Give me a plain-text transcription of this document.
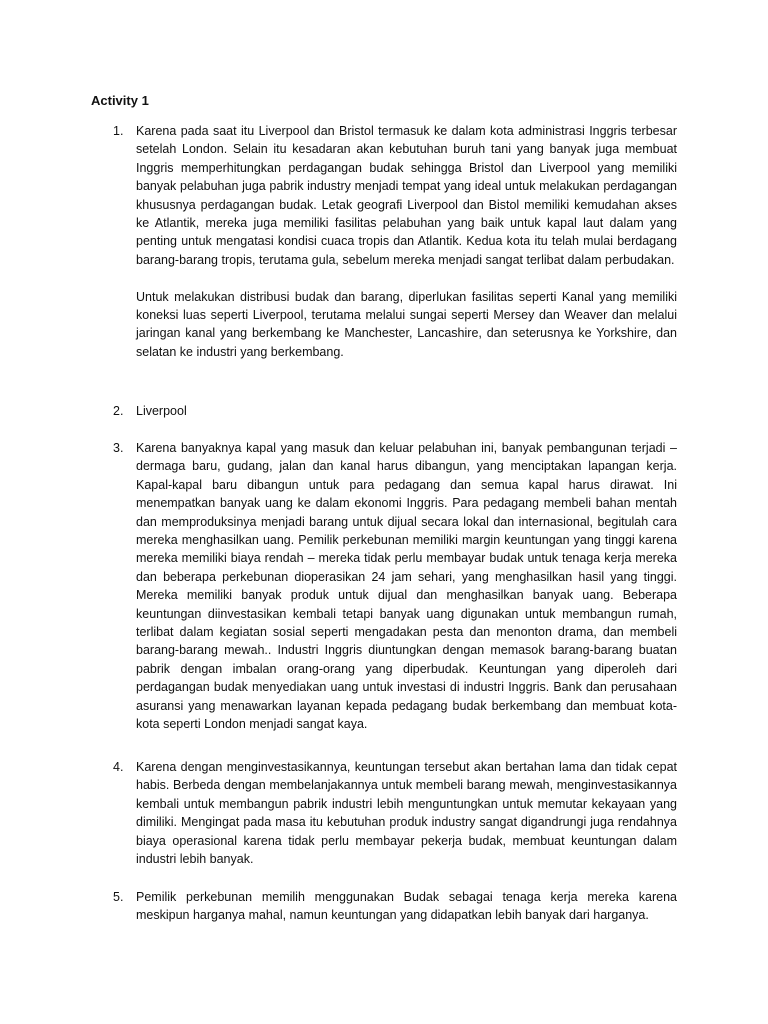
Activity 1
1.	Karena pada saat itu Liverpool dan Bristol termasuk ke dalam kota administrasi Inggris terbesar setelah London. Selain itu kesadaran akan kebutuhan buruh tani yang banyak juga membuat Inggris memperhitungkan perdagangan budak sehingga Bristol dan Liverpool yang memiliki banyak pelabuhan juga pabrik industry menjadi tempat yang ideal untuk melakukan perdagangan khususnya perdagangan budak. Letak geografi Liverpool dan Bistol memiliki kemudahan akses ke Atlantik, mereka juga memiliki fasilitas pelabuhan yang baik untuk kapal laut dalam yang penting untuk mengatasi kondisi cuaca tropis dan Atlantik. Kedua kota itu telah mulai berdagang barang-barang tropis, terutama gula, sebelum mereka menjadi sangat terlibat dalam perbudakan.

Untuk melakukan distribusi budak dan barang, diperlukan fasilitas seperti Kanal yang memiliki koneksi luas seperti Liverpool, terutama melalui sungai seperti Mersey dan Weaver dan melalui jaringan kanal yang berkembang ke Manchester, Lancashire, dan seterusnya ke Yorkshire, dan selatan ke industri yang berkembang.

2.	Liverpool

3.	Karena banyaknya kapal yang masuk dan keluar pelabuhan ini, banyak pembangunan terjadi – dermaga baru, gudang, jalan dan kanal harus dibangun, yang menciptakan lapangan kerja. Kapal-kapal baru dibangun untuk para pedagang dan semua kapal harus dirawat. Ini menempatkan banyak uang ke dalam ekonomi Inggris. Para pedagang membeli bahan mentah dan memproduksinya menjadi barang untuk dijual secara lokal dan internasional, begitulah cara mereka menghasilkan uang. Pemilik perkebunan memiliki margin keuntungan yang tinggi karena mereka memiliki biaya rendah – mereka tidak perlu membayar budak untuk tenaga kerja mereka dan beberapa perkebunan dioperasikan 24 jam sehari, yang menghasilkan hasil yang tinggi. Mereka memiliki banyak produk untuk dijual dan menghasilkan banyak uang. Beberapa keuntungan diinvestasikan kembali tetapi banyak uang digunakan untuk membangun rumah, terlibat dalam kegiatan sosial seperti mengadakan pesta dan menonton drama, dan membeli barang-barang mewah.. Industri Inggris diuntungkan dengan memasok barang-barang buatan pabrik dengan imbalan orang-orang yang diperbudak. Keuntungan yang diperoleh dari perdagangan budak menyediakan uang untuk investasi di industri Inggris. Bank dan perusahaan asuransi yang menawarkan layanan kepada pedagang budak berkembang dan membuat kota-kota seperti London menjadi sangat kaya.

4.	Karena dengan menginvestasikannya, keuntungan tersebut akan bertahan lama dan tidak cepat habis. Berbeda dengan membelanjakannya untuk membeli barang mewah, menginvestasikannya kembali untuk membangun pabrik industri lebih menguntungkan untuk memutar kekayaan yang dimiliki. Mengingat pada masa itu kebutuhan produk industry sangat digandrungi juga rendahnya biaya operasional karena tidak perlu membayar pekerja budak, membuat keuntungan dalam industri lebih banyak.

5.	Pemilik perkebunan memilih menggunakan Budak sebagai tenaga kerja mereka karena meskipun harganya mahal, namun keuntungan yang didapatkan lebih banyak dari harganya.
